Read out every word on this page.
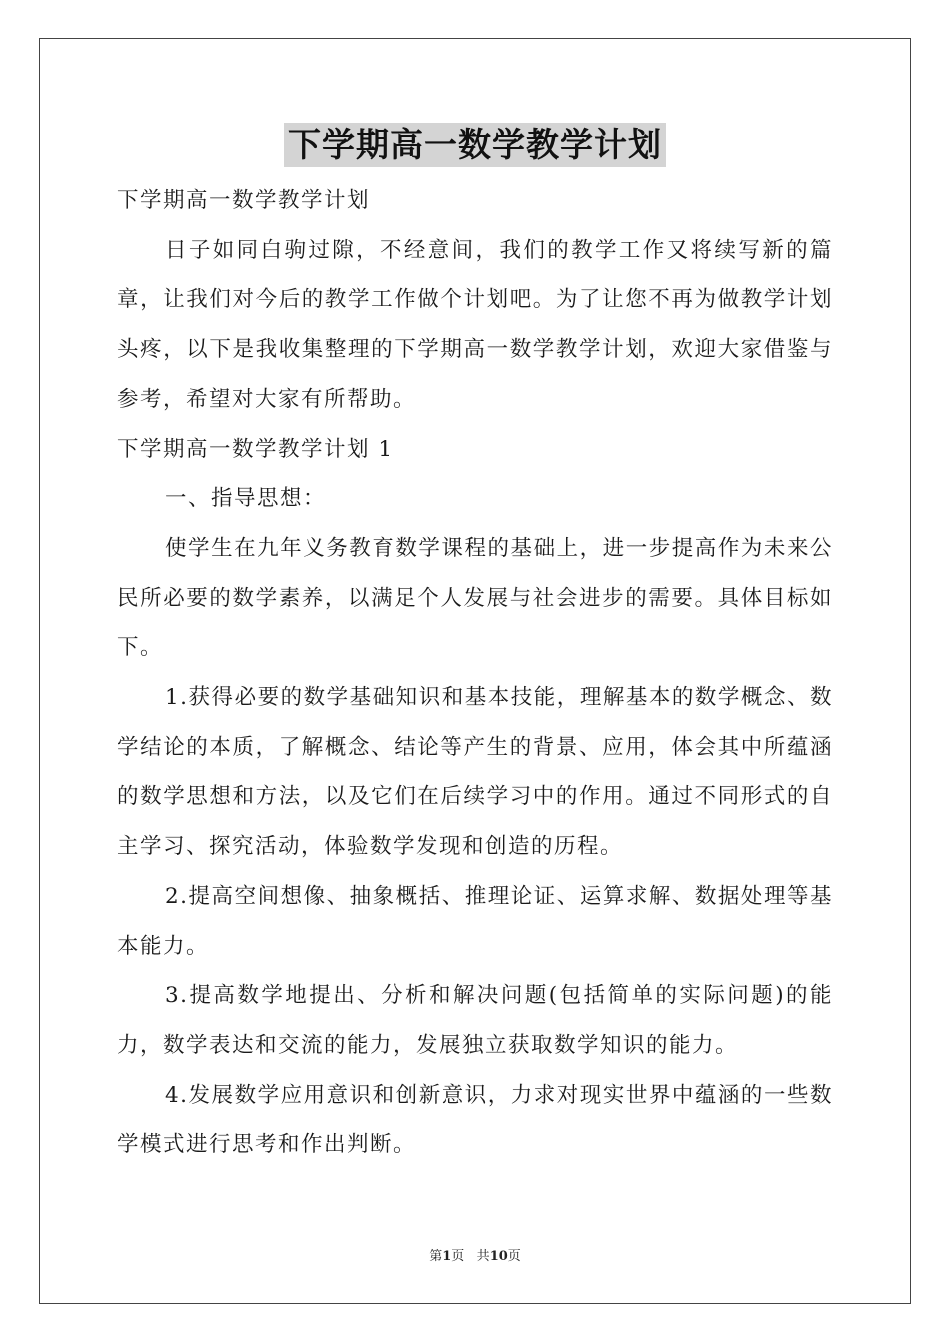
下学期高一数学教学计划

下学期高一数学教学计划

日子如同白驹过隙，不经意间，我们的教学工作又将续写新的篇章，让我们对今后的教学工作做个计划吧。为了让您不再为做教学计划头疼，以下是我收集整理的下学期高一数学教学计划，欢迎大家借鉴与参考，希望对大家有所帮助。

下学期高一数学教学计划 1

一、指导思想：

使学生在九年义务教育数学课程的基础上，进一步提高作为未来公民所必要的数学素养，以满足个人发展与社会进步的需要。具体目标如下。

1.获得必要的数学基础知识和基本技能，理解基本的数学概念、数学结论的本质，了解概念、结论等产生的背景、应用，体会其中所蕴涵的数学思想和方法，以及它们在后续学习中的作用。通过不同形式的自主学习、探究活动，体验数学发现和创造的历程。

2.提高空间想像、抽象概括、推理论证、运算求解、数据处理等基本能力。

3.提高数学地提出、分析和解决问题(包括简单的实际问题)的能力，数学表达和交流的能力，发展独立获取数学知识的能力。

4.发展数学应用意识和创新意识，力求对现实世界中蕴涵的一些数学模式进行思考和作出判断。

第1页 共10页
